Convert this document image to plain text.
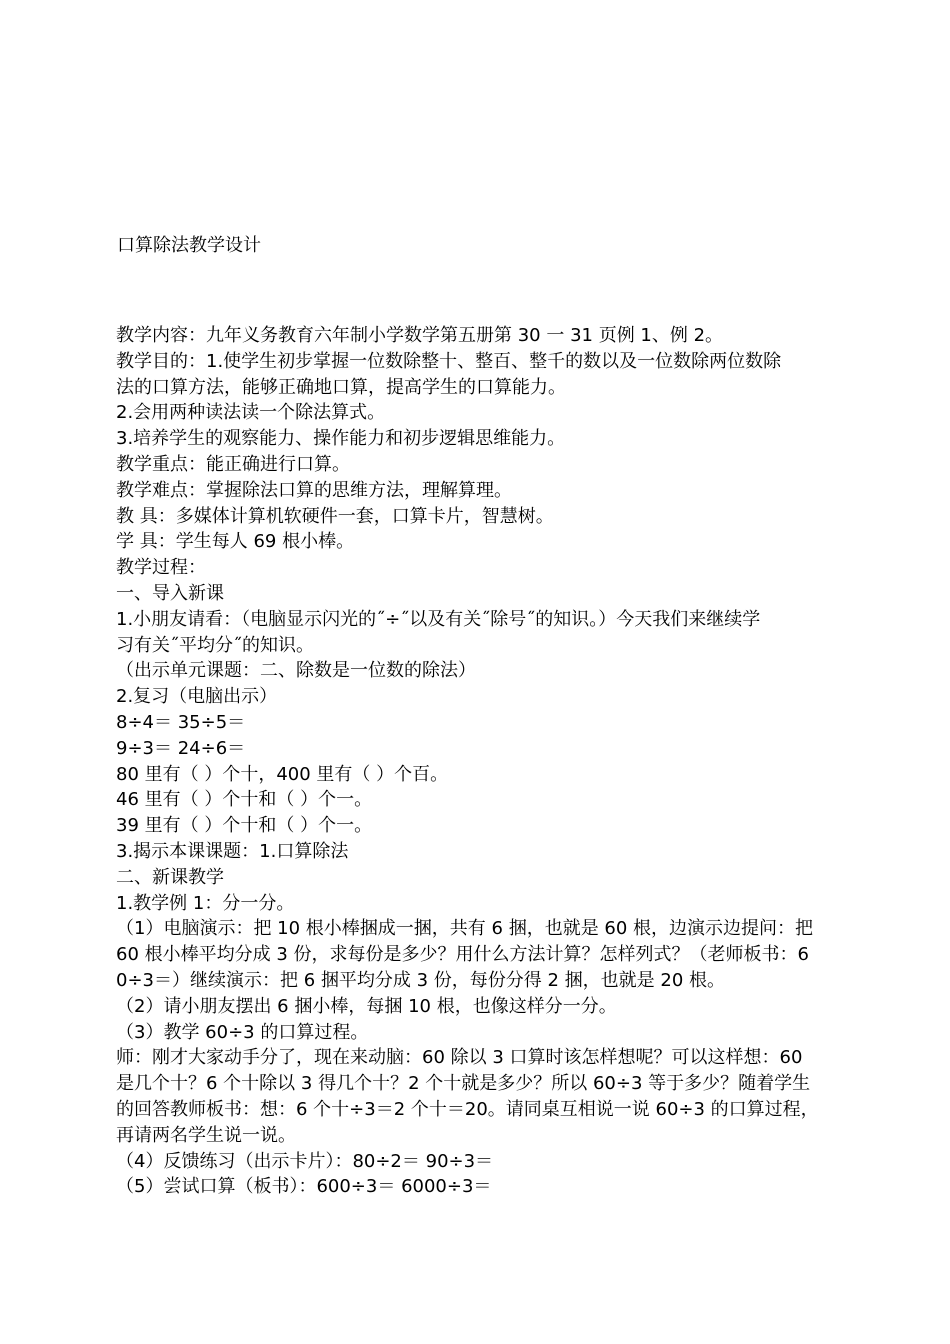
口算除法教学设计
教学内容：九年义务教育六年制小学数学第五册第 30 一 31 页例 1、例 2。
教学目的：1.使学生初步掌握一位数除整十、整百、整千的数以及一位数除两位数除
法的口算方法，能够正确地口算，提高学生的口算能力。
2.会用两种读法读一个除法算式。
3.培养学生的观察能力、操作能力和初步逻辑思维能力。
教学重点：能正确进行口算。
教学难点：掌握除法口算的思维方法，理解算理。
教 具：多媒体计算机软硬件一套，口算卡片，智慧树。
学 具：学生每人 69 根小棒。
教学过程：
一、导入新课
1.小朋友请看：（电脑显示闪光的˝÷˝以及有关˝除号˝的知识。）今天我们来继续学
习有关˝平均分˝的知识。
（出示单元课题：二、除数是一位数的除法）
2.复习（电脑出示）
8÷4＝ 35÷5＝
9÷3＝ 24÷6＝
80 里有（ ）个十，400 里有（ ）个百。
46 里有（ ）个十和（ ）个一。
39 里有（ ）个十和（ ）个一。
3.揭示本课课题：1.口算除法
二、新课教学
1.教学例 1：分一分。
（1）电脑演示：把 10 根小棒捆成一捆，共有 6 捆，也就是 60 根，边演示边提问：把
60 根小棒平均分成 3 份，求每份是多少？用什么方法计算？怎样列式？（老师板书：6
0÷3＝）继续演示：把 6 捆平均分成 3 份，每份分得 2 捆，也就是 20 根。
（2）请小朋友摆出 6 捆小棒，每捆 10 根，也像这样分一分。
（3）教学 60÷3 的口算过程。
师：刚才大家动手分了，现在来动脑：60 除以 3 口算时该怎样想呢？可以这样想：60
是几个十？6 个十除以 3 得几个十？2 个十就是多少？所以 60÷3 等于多少？随着学生
的回答教师板书：想：6 个十÷3＝2 个十＝20。请同桌互相说一说 60÷3 的口算过程，
再请两名学生说一说。
（4）反馈练习（出示卡片）：80÷2＝ 90÷3＝
（5）尝试口算（板书）：600÷3＝ 6000÷3＝
